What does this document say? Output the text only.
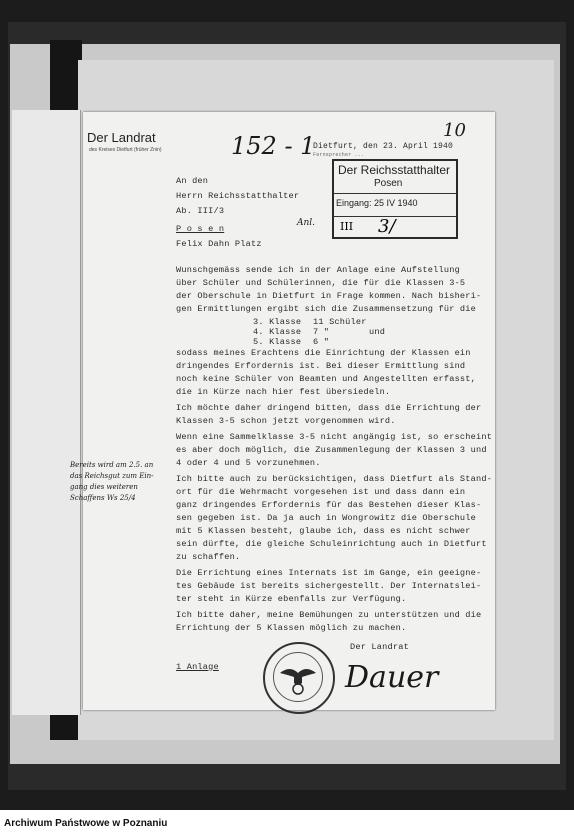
Der Landrat
des Kreises Dietfurt (früher Znin)	152 - 1
10
Dietfurt, den 23. April 1940
Fernsprecher ...
An den
Herrn Reichsstatthalter
Ab. III/3
P o s e n
Felix Dahn Platz
Anl.
Der Reichsstatthalter
Posen
Eingang: 25 IV 1940
III 3/
Wunschgemäss sende ich in der Anlage eine Aufstellung
über Schüler und Schülerinnen, die für die Klassen 3-5
der Oberschule in Dietfurt in Frage kommen. Nach bisheri-
gen Ermittlungen ergibt sich die Zusammensetzung für die
3. Klasse 11 Schüler
4. Klasse 7 "	und
5. Klasse 6 "
sodass meines Erachtens die Einrichtung der Klassen ein
dringendes Erfordernis ist. Bei dieser Ermittlung sind
noch keine Schüler von Beamten und Angestellten erfasst,
die in Kürze nach hier fest übersiedeln.
Ich möchte daher dringend bitten, dass die Errichtung der
Klassen 3-5 schon jetzt vorgenommen wird.
Wenn eine Sammelklasse 3-5 nicht angängig ist, so erscheint
es aber doch möglich, die Zusammenlegung der Klassen 3 und
4 oder 4 und 5 vorzunehmen.
Ich bitte auch zu berücksichtigen, dass Dietfurt als Stand-
ort für die Wehrmacht vorgesehen ist und dass dann ein
ganz dringendes Erfordernis für das Bestehen dieser Klas-
sen gegeben ist. Da ja auch in Wongrowitz die Oberschule
mit 5 Klassen besteht, glaube ich, dass es nicht schwer
sein dürfte, die gleiche Schuleinrichtung auch in Dietfurt
zu schaffen.
Die Errichtung eines Internats ist im Gange, ein geeigne-
tes Gebäude ist bereits sichergestellt. Der Internatslei-
ter steht in Kürze ebenfalls zur Verfügung.
Ich bitte daher, meine Bemühungen zu unterstützen und die
Errichtung der 5 Klassen möglich zu machen.
Der Landrat
1 Anlage	Dauer
Bereits wird am 2.5. an
das Reichsgut zum Ein-
gang dies weiteren
Schaffens Ws 25/4
Archiwum Państwowe w Poznaniu
